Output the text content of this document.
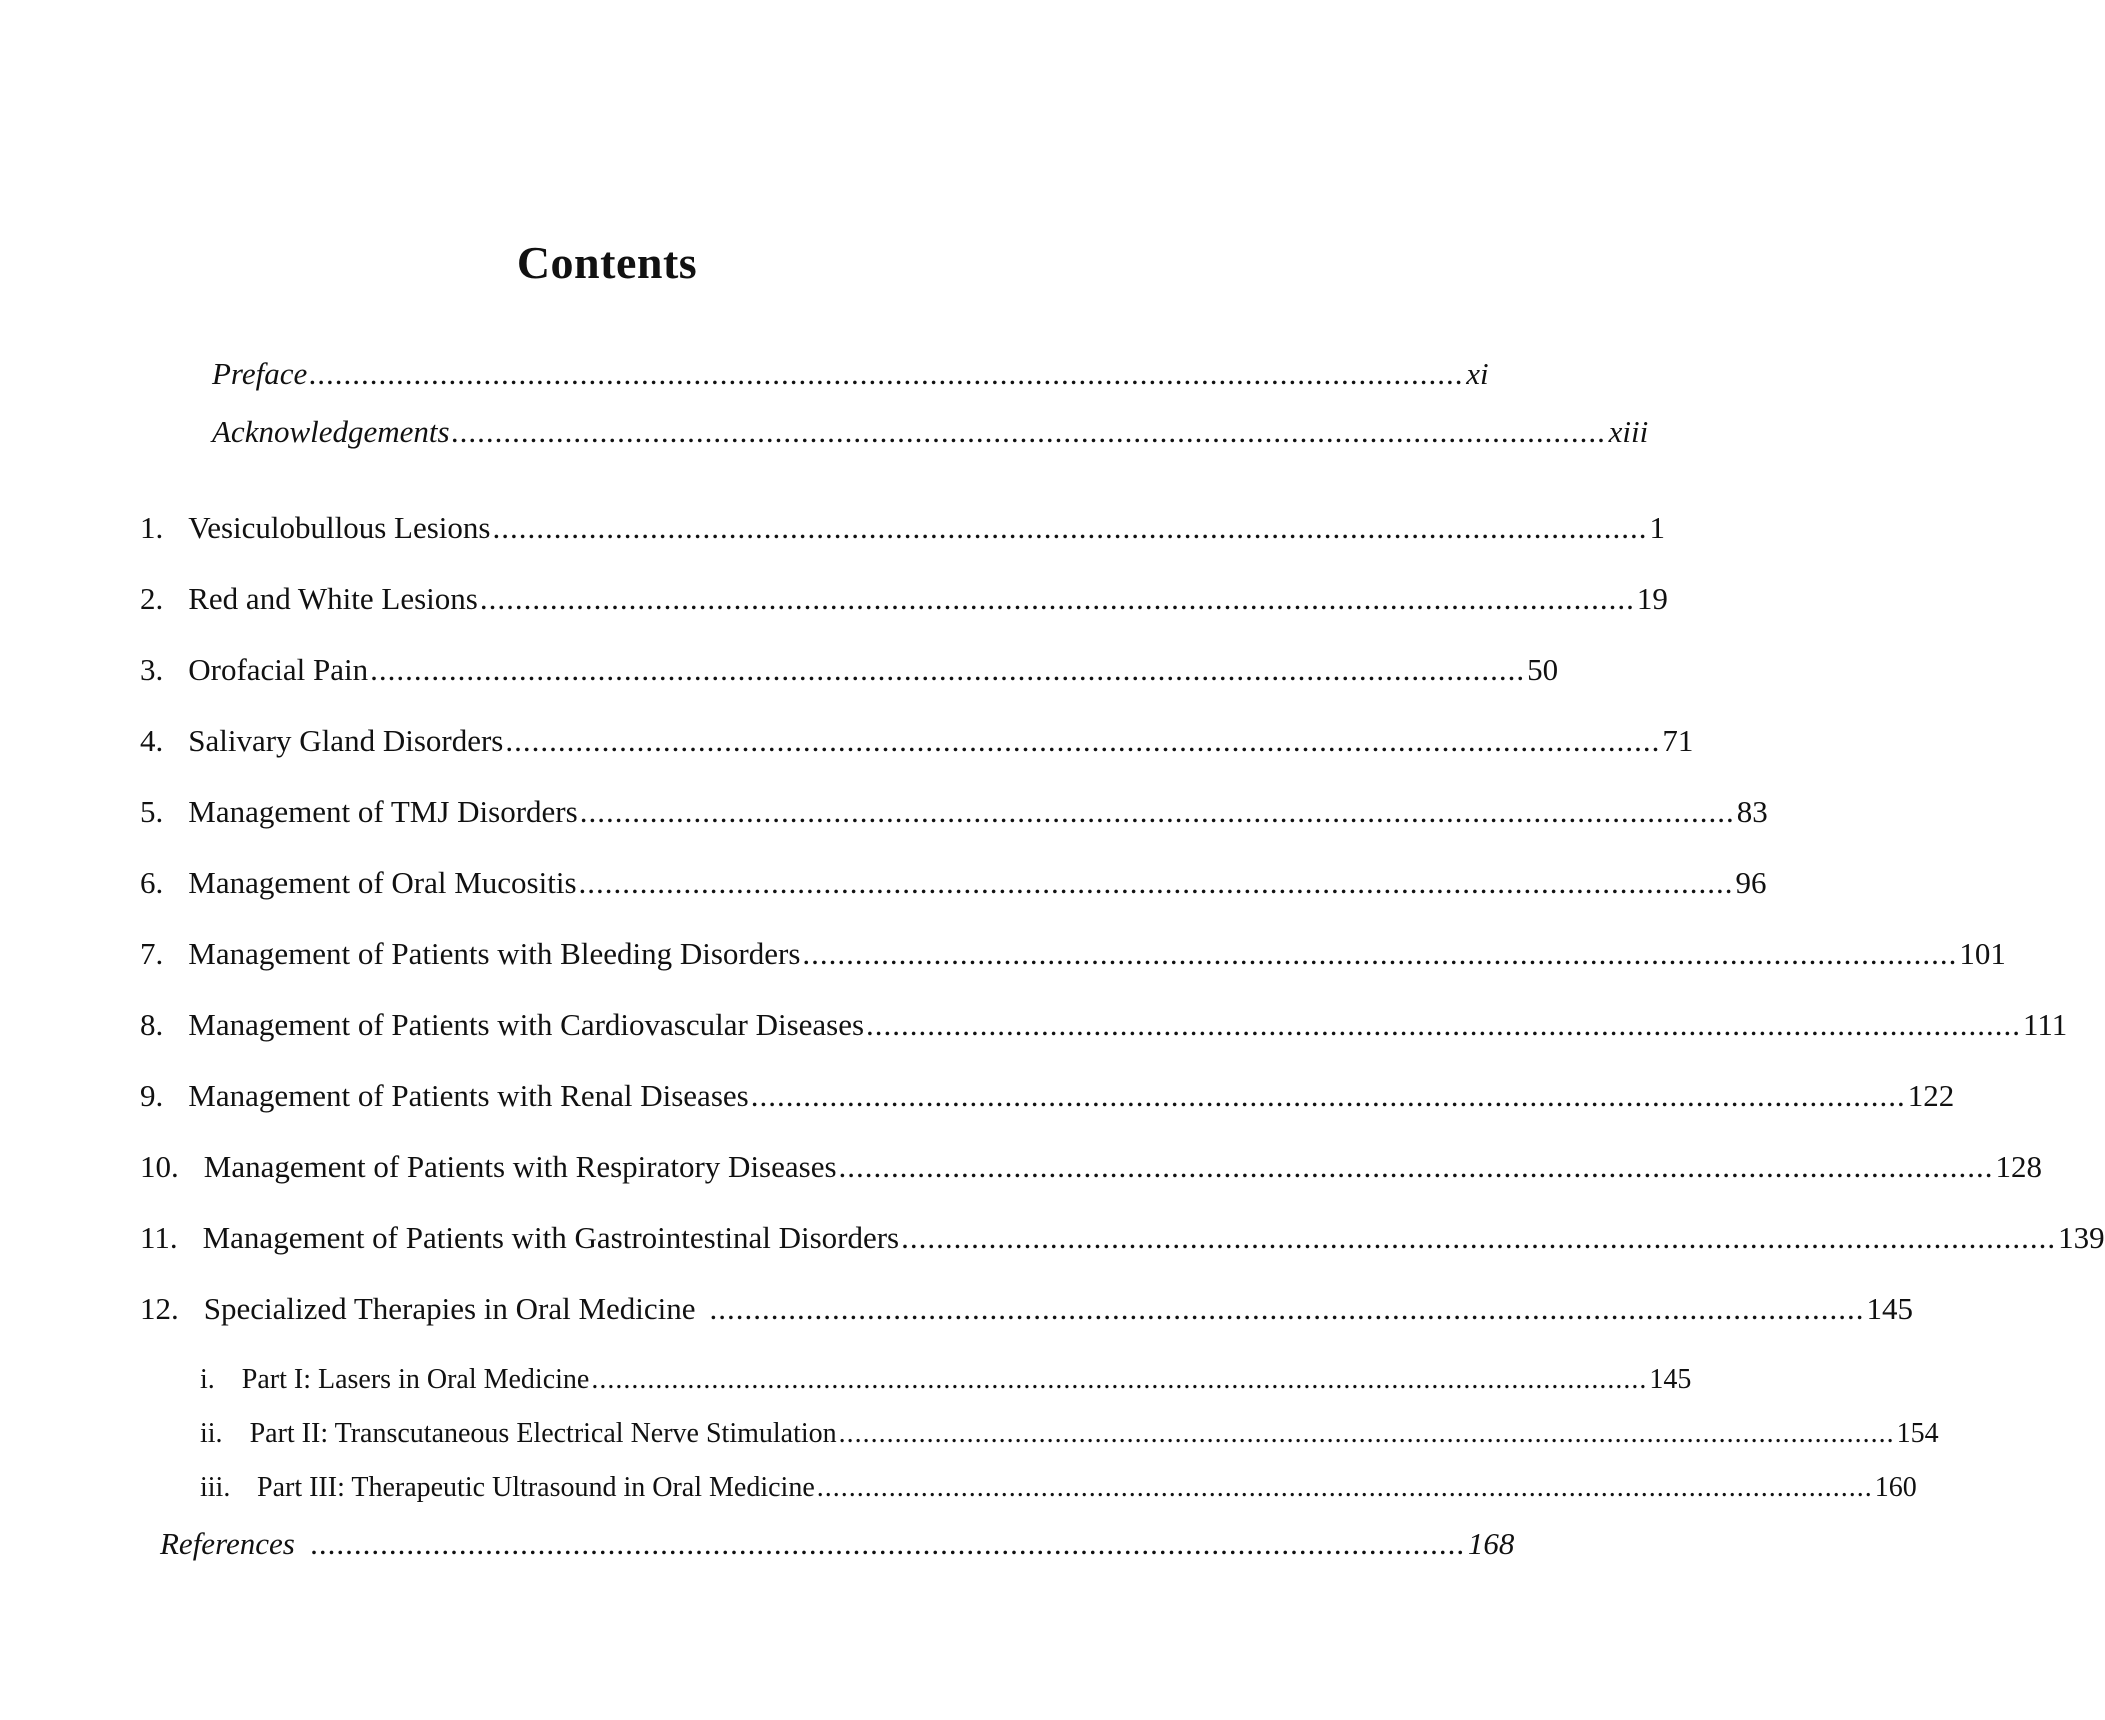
Contents
Preface .................................................................................................................................... xi
Acknowledgements .................................................................................................................................... xiii
1. Vesiculobullous Lesions .................................................................................................................................... 1
2. Red and White Lesions .................................................................................................................................... 19
3. Orofacial Pain .................................................................................................................................... 50
4. Salivary Gland Disorders .................................................................................................................................... 71
5. Management of TMJ Disorders .................................................................................................................................... 83
6. Management of Oral Mucositis .................................................................................................................................... 96
7. Management of Patients with Bleeding Disorders .................................................................................................................................... 101
8. Management of Patients with Cardiovascular Diseases .................................................................................................................................... 111
9. Management of Patients with Renal Diseases .................................................................................................................................... 122
10. Management of Patients with Respiratory Diseases .................................................................................................................................... 128
11. Management of Patients with Gastrointestinal Disorders .................................................................................................................................... 139
12. Specialized Therapies in Oral Medicine .................................................................................................................................... 145
i. Part I: Lasers in Oral Medicine .................................................................................................................................... 145
ii. Part II: Transcutaneous Electrical Nerve Stimulation .................................................................................................................................... 154
iii. Part III: Therapeutic Ultrasound in Oral Medicine .................................................................................................................................... 160
References .................................................................................................................................... 168
